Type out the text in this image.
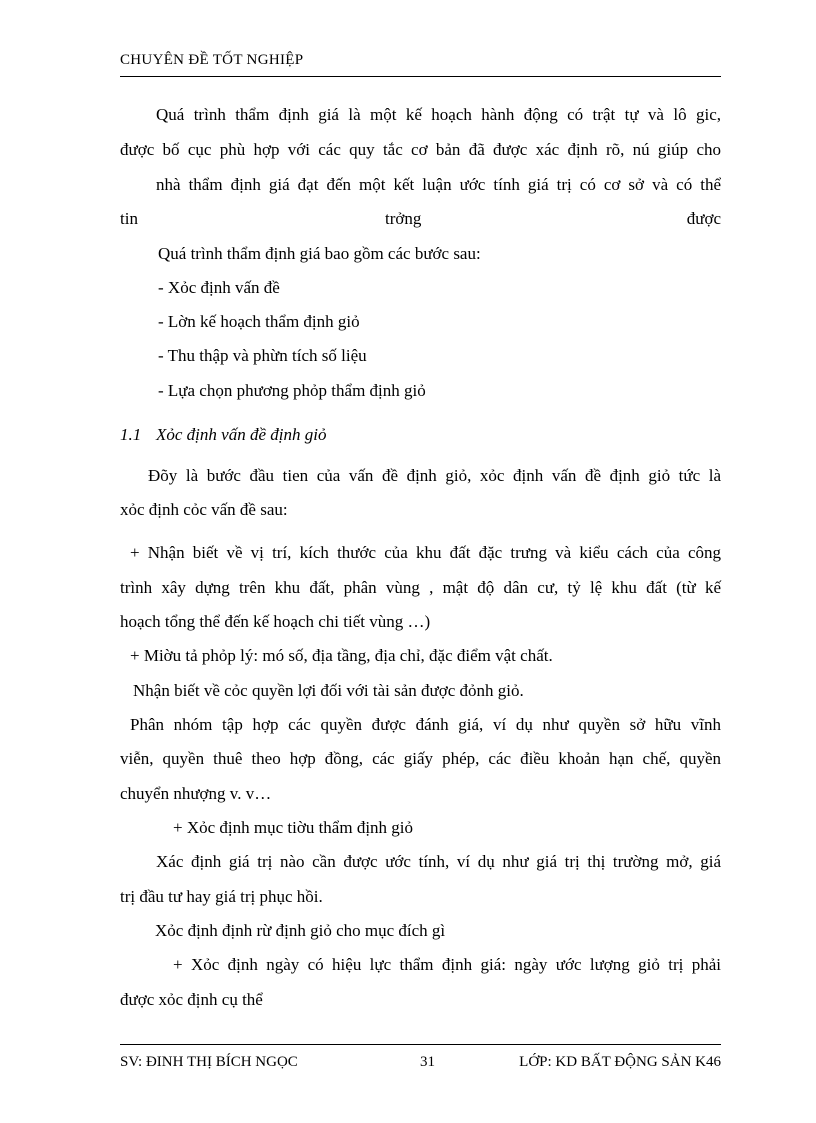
CHUYÊN ĐỀ TỐT NGHIỆP
Quá trình thẩm định giá là một kế hoạch hành động có trật tự và lô gic,
được bố cục phù hợp với các quy tắc cơ bản đã được xác định rõ, nú giúp cho
nhà thẩm định giá đạt đến một kết luận ước tính giá trị có cơ sở và có thể
tin	trởng	được
Quá trình thẩm định giá bao gồm các bước sau:
- Xỏc định vấn đề
- Lờn kế hoạch thẩm định giỏ
- Thu thập và phừn tích số liệu
- Lựa chọn phương phỏp thẩm định giỏ
1.1 Xỏc định vấn đề định giỏ
Đõy là bước đầu tien của vấn đề định giỏ, xỏc định vấn đề định giỏ tức là
xỏc định cỏc vấn đề sau:
+ Nhận biết về vị trí, kích thước của khu đất đặc trưng và kiểu cách của công
trình xây dựng trên khu đất, phân vùng , mật độ dân cư, tỷ lệ khu đất (từ kế
hoạch tổng thể đến kế hoạch chi tiết vùng …)
+ Miờu tả phỏp lý: mó số, địa tầng, địa chỉ, đặc điểm vật chất.
Nhận biết về cỏc quyền lợi đối với tài sản được đỏnh giỏ.
Phân nhóm tập hợp các quyền được đánh giá, ví dụ như quyền sở hữu vĩnh
viễn, quyền thuê theo hợp đồng, các giấy phép, các điều khoản hạn chế, quyền
chuyển nhượng v. v…
+ Xỏc định mục tiờu thẩm định giỏ
Xác định giá trị nào cần được ước tính, ví dụ như giá trị thị trường mở, giá
trị đầu tư hay giá trị phục hồi.
Xỏc định định rừ định giỏ cho mục đích gì
+ Xỏc định ngày có hiệu lực thẩm định giá: ngày ước lượng giỏ trị phải
được xỏc định cụ thể
SV: ĐINH THỊ BÍCH NGỌC	31	LỚP: KD BẤT ĐỘNG SẢN K46
